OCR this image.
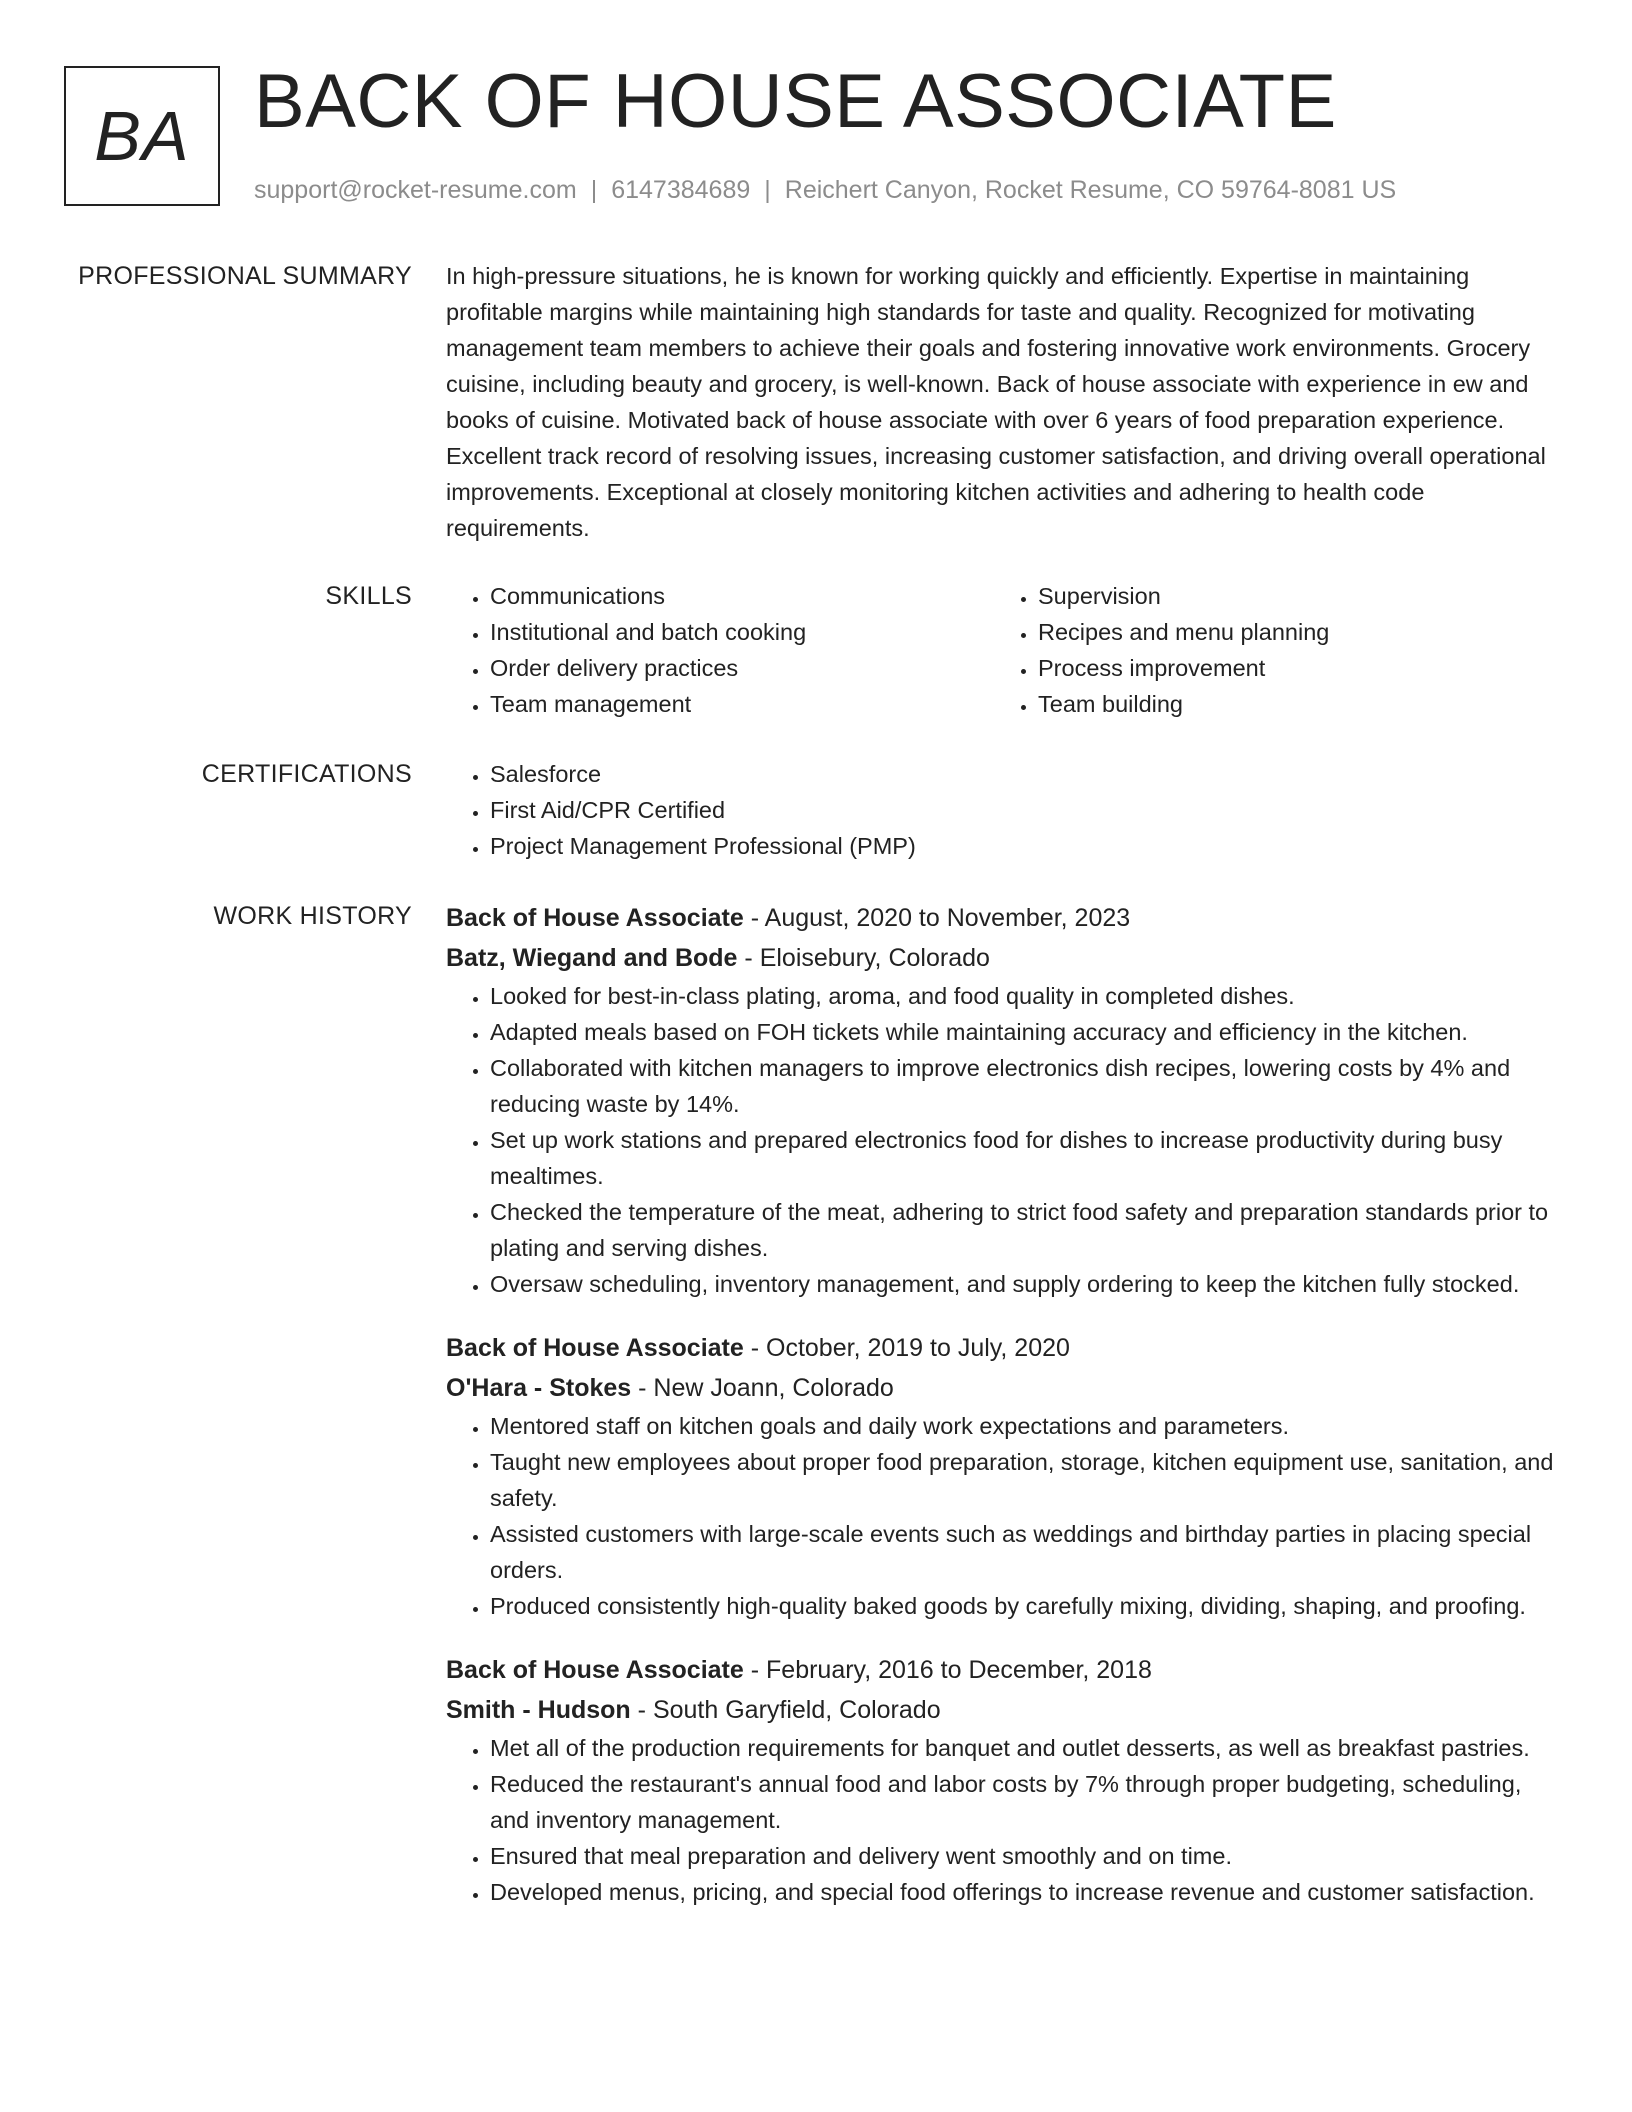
BA BACK OF HOUSE ASSOCIATE
support@rocket-resume.com | 6147384689 | Reichert Canyon, Rocket Resume, CO 59764-8081 US
PROFESSIONAL SUMMARY In high-pressure situations, he is known for working quickly and efficiently. Expertise in maintaining profitable margins while maintaining high standards for taste and quality. Recognized for motivating management team members to achieve their goals and fostering innovative work environments. Grocery cuisine, including beauty and grocery, is well-known. Back of house associate with experience in ew and books of cuisine. Motivated back of house associate with over 6 years of food preparation experience. Excellent track record of resolving issues, increasing customer satisfaction, and driving overall operational improvements. Exceptional at closely monitoring kitchen activities and adhering to health code requirements.

SKILLS	• Communications
• Institutional and batch cooking
• Order delivery practices
• Team management
• Supervision
• Recipes and menu planning
• Process improvement
• Team building
CERTIFICATIONS	• Salesforce
• First Aid/CPR Certified
• Project Management Professional (PMP)
WORK HISTORY Back of House Associate - August, 2020 to November, 2023
Batz, Wiegand and Bode - Eloisebury, Colorado
• Looked for best-in-class plating, aroma, and food quality in completed dishes.
• Adapted meals based on FOH tickets while maintaining accuracy and efficiency in the kitchen.
• Collaborated with kitchen managers to improve electronics dish recipes, lowering costs by 4% and reducing waste by 14%.
• Set up work stations and prepared electronics food for dishes to increase productivity during busy mealtimes.
• Checked the temperature of the meat, adhering to strict food safety and preparation standards prior to plating and serving dishes.
• Oversaw scheduling, inventory management, and supply ordering to keep the kitchen fully stocked.
Back of House Associate - October, 2019 to July, 2020
O'Hara - Stokes - New Joann, Colorado
• Mentored staff on kitchen goals and daily work expectations and parameters.
• Taught new employees about proper food preparation, storage, kitchen equipment use, sanitation, and safety.
• Assisted customers with large-scale events such as weddings and birthday parties in placing special orders.
• Produced consistently high-quality baked goods by carefully mixing, dividing, shaping, and proofing.
Back of House Associate - February, 2016 to December, 2018
Smith - Hudson - South Garyfield, Colorado
• Met all of the production requirements for banquet and outlet desserts, as well as breakfast pastries.
• Reduced the restaurant's annual food and labor costs by 7% through proper budgeting, scheduling, and inventory management.
• Ensured that meal preparation and delivery went smoothly and on time.
• Developed menus, pricing, and special food offerings to increase revenue and customer satisfaction.
